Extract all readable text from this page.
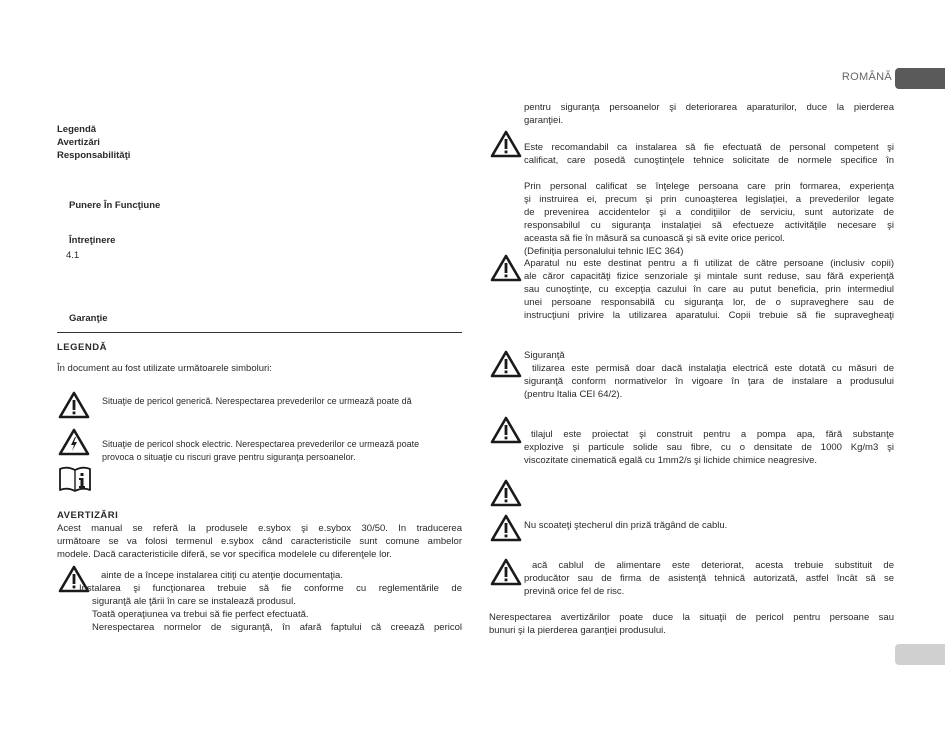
ROMÂNĂ
Legendă
Avertizări
Responsabilităţi
Punere În Funcţiune
Întreţinere
4.1
Garanţie
LEGENDĂ
În document au fost utilizate următoarele simboluri:
Situaţie de pericol generică. Nerespectarea prevederilor ce urmează poate dă
Situaţie de pericol shock electric. Nerespectarea prevederilor ce urmează poate
provoca o situaţie cu riscuri grave pentru siguranţa persoanelor.
AVERTIZĂRI

Acest manual se referă la produsele e.sybox şi e.sybox 30/50. In traducerea

următoare se va folosi termenul e.sybox când caracteristicile sunt comune ambelor

modele. Dacă caracteristicile diferă, se vor specifica modelele cu diferenţele lor.

ainte de a începe instalarea citiţi cu atenţie documentaţia.

Instalarea şi funcţionarea trebuie să fie conforme cu reglementările de

siguranţă ale ţării în care se instalează produsul.

Toată operaţiunea va trebui să fie perfect efectuată.

Nerespectarea normelor de siguranţă, în afară faptului că creează pericol

pentru siguranţa persoanelor şi deteriorarea aparaturilor, duce la pierderea

garanţiei.

Este recomandabil ca instalarea să fie efectuată de personal competent şi

calificat, care posedă cunoştinţele tehnice solicitate de normele specifice în

Prin personal calificat se înţelege persoana care prin formarea, experienţa

şi instruirea ei, precum şi prin cunoaşterea legislaţiei, a prevederilor legate

de prevenirea accidentelor şi a condiţiilor de serviciu, sunt autorizate de

responsabilul cu siguranţa instalaţiei să efectueze activităţile necesare şi

aceasta să fie în măsură sa cunoască şi să evite orice pericol.

(Definiţia personalului tehnic IEC 364)

Aparatul nu este destinat pentru a fi utilizat de către persoane (inclusiv copii)

ale căror capacităţi fizice senzoriale şi mintale sunt reduse, sau fără experienţă

sau cunoştinţe, cu excepţia cazului în care au putut beneficia, prin intermediul

unei persoane responsabilă cu siguranţa lor, de o supraveghere sau de

instrucţiuni privire la utilizarea aparatului. Copii trebuie să fie supravegheaţi

Siguranţă

tilizarea este permisă doar dacă instalaţia electrică este dotată cu măsuri de

siguranţă conform normativelor în vigoare în ţara de instalare a produsului

(pentru Italia CEI 64/2).

tilajul este proiectat şi construit pentru a pompa apa, fără substanţe

explozive şi particule solide sau fibre, cu o densitate de 1000 Kg/m3 şi

viscozitate cinematică egală cu 1mm2/s şi lichide chimice neagresive.

Nu scoateţi ştecherul din priză trăgând de cablu.

acă cablul de alimentare este deteriorat, acesta trebuie substituit de

producător sau de firma de asistenţă tehnică autorizată, astfel încât să se

prevină orice fel de risc.

Nerespectarea avertizărilor poate duce la situaţii de pericol pentru persoane sau

bunuri şi la pierderea garanţiei produsului.
